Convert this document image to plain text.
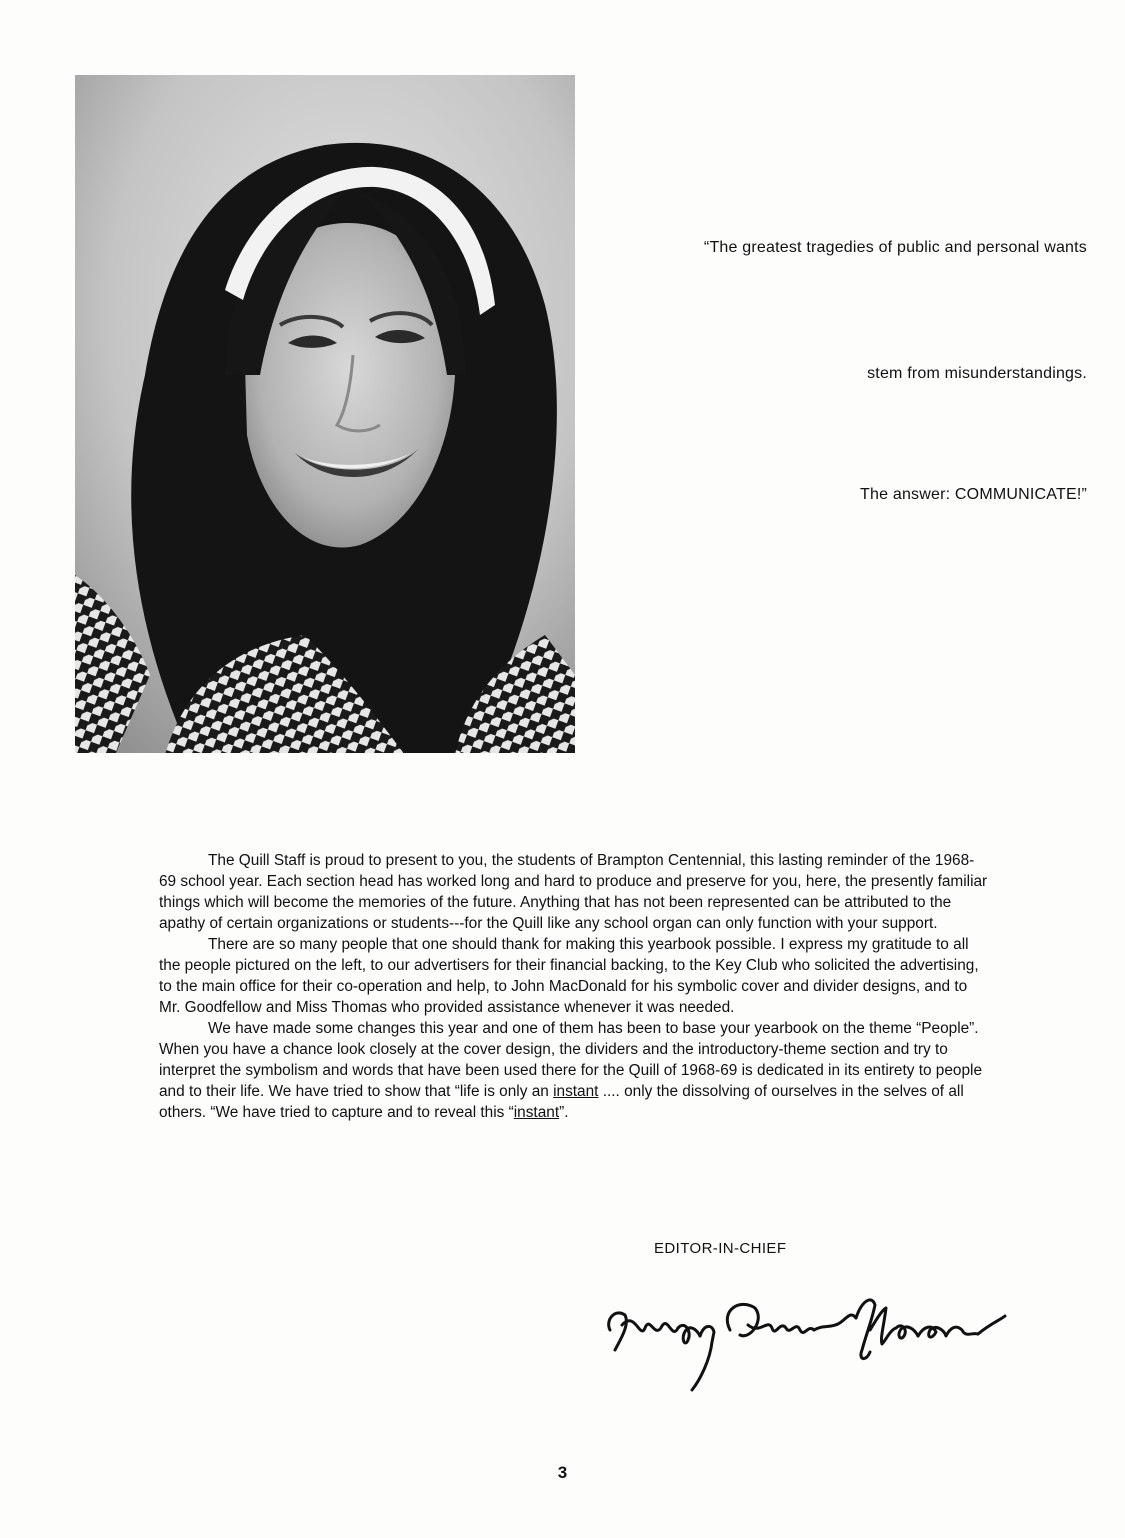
“The greatest tragedies of public and personal wants
stem from misunderstandings.
The answer: COMMUNICATE!”

The Quill Staff is proud to present to you, the students of Brampton Centennial, this lasting reminder of the 1968-69 school year. Each section head has worked long and hard to produce and preserve for you, here, the presently familiar things which will become the memories of the future. Anything that has not been represented can be attributed to the apathy of certain organizations or students---for the Quill like any school organ can only function with your support.

There are so many people that one should thank for making this yearbook possible. I express my gratitude to all the people pictured on the left, to our advertisers for their financial backing, to the Key Club who solicited the advertising, to the main office for their co-operation and help, to John MacDonald for his symbolic cover and divider designs, and to Mr. Goodfellow and Miss Thomas who provided assistance whenever it was needed.

We have made some changes this year and one of them has been to base your yearbook on the theme “People”. When you have a chance look closely at the cover design, the dividers and the introductory-theme section and try to interpret the symbolism and words that have been used there for the Quill of 1968-69 is dedicated in its entirety to people and to their life. We have tried to show that “life is only an instant .... only the dissolving of ourselves in the selves of all others. “We have tried to capture and to reveal this “instant”.

EDITOR-IN-CHIEF
Mary Ann Wilson
3
